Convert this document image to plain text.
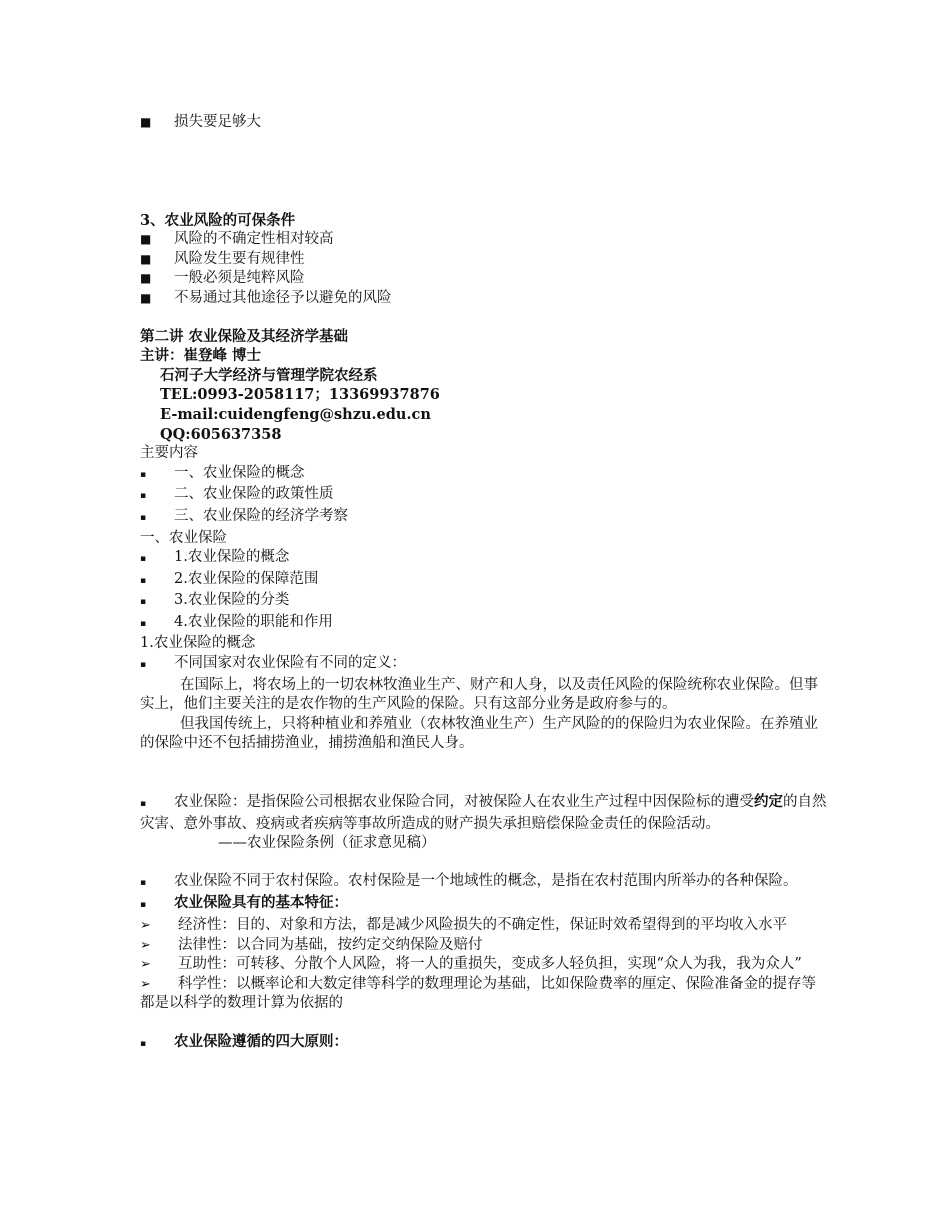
■	损失要足够大
3、农业风险的可保条件
■	风险的不确定性相对较高
■	风险发生要有规律性
■	一般必须是纯粹风险
■	不易通过其他途径予以避免的风险
第二讲 农业保险及其经济学基础
主讲：崔登峰 博士
石河子大学经济与管理学院农经系
TEL:0993-2058117；13369937876
E-mail:cuidengfeng@shzu.edu.cn
QQ:605637358
主要内容
▪	一、农业保险的概念
▪	二、农业保险的政策性质
▪	三、农业保险的经济学考察
一、农业保险
▪	1.农业保险的概念
▪	2.农业保险的保障范围
▪	3.农业保险的分类
▪	4.农业保险的职能和作用
1.农业保险的概念
▪	不同国家对农业保险有不同的定义：
在国际上，将农场上的一切农林牧渔业生产、财产和人身，以及责任风险的保险统称农业保险。但事实上，他们主要关注的是农作物的生产风险的保险。只有这部分业务是政府参与的。
但我国传统上，只将种植业和养殖业（农林牧渔业生产）生产风险的的保险归为农业保险。在养殖业的保险中还不包括捕捞渔业，捕捞渔船和渔民人身。
▪ 农业保险：是指保险公司根据农业保险合同，对被保险人在农业生产过程中因保险标的遭受约定的自然灾害、意外事故、疫病或者疾病等事故所造成的财产损失承担赔偿保险金责任的保险活动。
——农业保险条例（征求意见稿）
▪ 农业保险不同于农村保险。农村保险是一个地域性的概念，是指在农村范围内所举办的各种保险。
▪	农业保险具有的基本特征：
➢ 经济性：目的、对象和方法，都是减少风险损失的不确定性，保证时效希望得到的平均收入水平
➢ 法律性：以合同为基础，按约定交纳保险及赔付
➢ 互助性：可转移、分散个人风险，将一人的重损失，变成多人轻负担，实现“众人为我，我为众人”
➢ 科学性：以概率论和大数定律等科学的数理理论为基础，比如保险费率的厘定、保险准备金的提存等都是以科学的数理计算为依据的
▪	农业保险遵循的四大原则：
